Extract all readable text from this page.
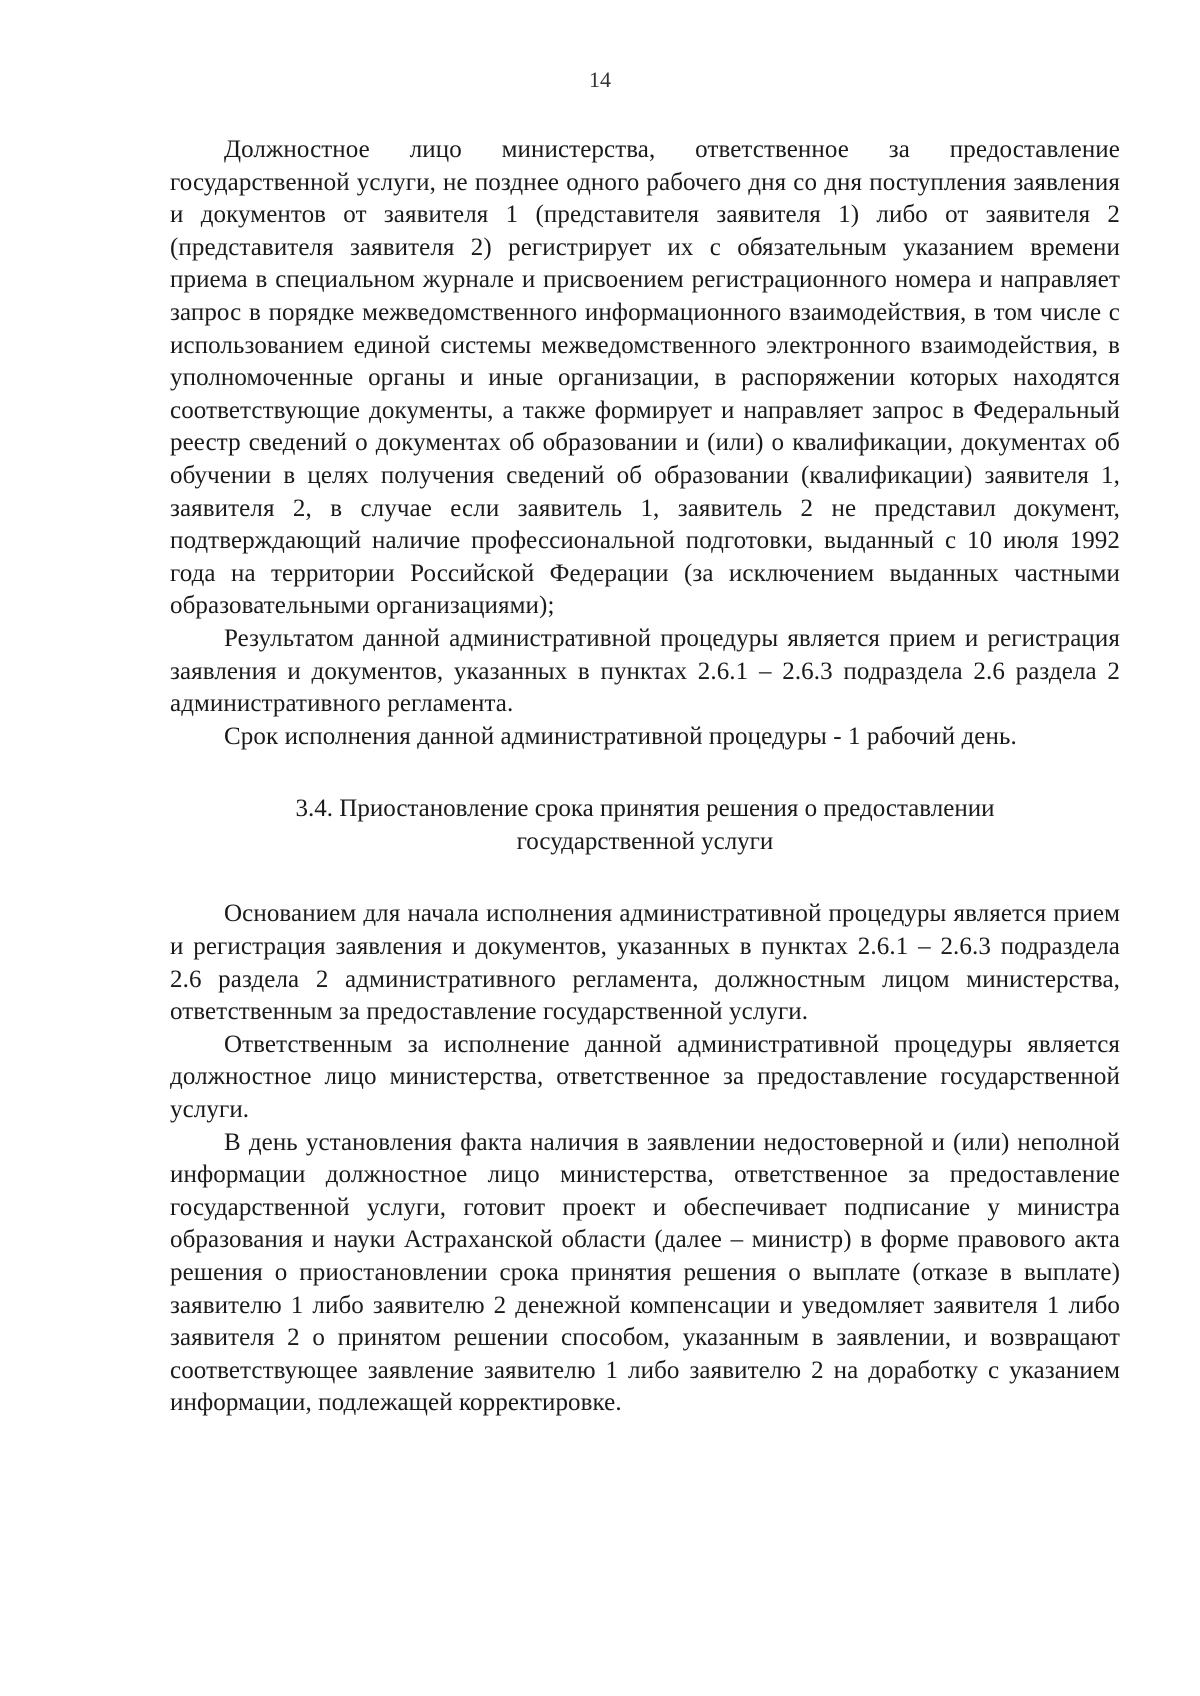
14

Должностное лицо министерства, ответственное за предоставление государственной услуги, не позднее одного рабочего дня со дня поступления заявления и документов от заявителя 1 (представителя заявителя 1) либо от заявителя 2 (представителя заявителя 2) регистрирует их с обязательным указанием времени приема в специальном журнале и присвоением регистрационного номера и направляет запрос в порядке межведомственного информационного взаимодействия, в том числе с использованием единой системы межведомственного электронного взаимодействия, в уполномоченные органы и иные организации, в распоряжении которых находятся соответствующие документы, а также формирует и направляет запрос в Федеральный реестр сведений о документах об образовании и (или) о квалификации, документах об обучении в целях получения сведений об образовании (квалификации) заявителя 1, заявителя 2, в случае если заявитель 1, заявитель 2 не представил документ, подтверждающий наличие профессиональной подготовки, выданный с 10 июля 1992 года на территории Российской Федерации (за исключением выданных частными образовательными организациями);

Результатом данной административной процедуры является прием и регистрация заявления и документов, указанных в пунктах 2.6.1 – 2.6.3 подраздела 2.6 раздела 2 административного регламента.

Срок исполнения данной административной процедуры - 1 рабочий день.

3.4. Приостановление срока принятия решения о предоставлении
государственной услуги

Основанием для начала исполнения административной процедуры является прием и регистрация заявления и документов, указанных в пунктах 2.6.1 – 2.6.3 подраздела 2.6 раздела 2 административного регламента, должностным лицом министерства, ответственным за предоставление государственной услуги.

Ответственным за исполнение данной административной процедуры является должностное лицо министерства, ответственное за предоставление государственной услуги.

В день установления факта наличия в заявлении недостоверной и (или) неполной информации должностное лицо министерства, ответственное за предоставление государственной услуги, готовит проект и обеспечивает подписание у министра образования и науки Астраханской области (далее – министр) в форме правового акта решения о приостановлении срока принятия решения о выплате (отказе в выплате) заявителю 1 либо заявителю 2 денежной компенсации и уведомляет заявителя 1 либо заявителя 2 о принятом решении способом, указанным в заявлении, и возвращают соответствующее заявление заявителю 1 либо заявителю 2 на доработку с указанием информации, подлежащей корректировке.
